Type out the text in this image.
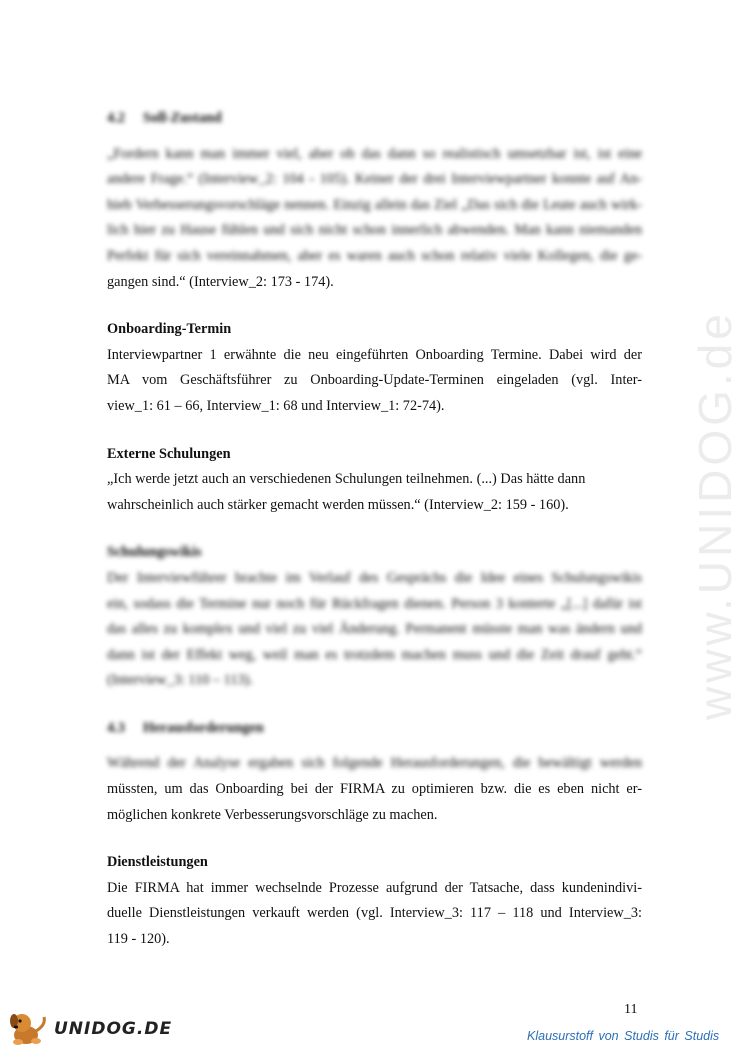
www.UNIDOG.de
4.2 Soll-Zustand
„Fordern kann man immer viel, aber ob das dann so realistisch umsetzbar ist, ist eine
andere Frage.“ (Interview_2: 104 - 105). Keiner der drei Interviewpartner konnte auf An-
hieb Verbesserungsvorschläge nennen. Einzig allein das Ziel „Das sich die Leute auch wirk-
lich hier zu Hause fühlen und sich nicht schon innerlich abwenden. Man kann niemanden
Perfekt für sich vereinnahmen, aber es waren auch schon relativ viele Kollegen, die ge-
gangen sind.“ (Interview_2: 173 - 174).
Onboarding-Termin
Interviewpartner 1 erwähnte die neu eingeführten Onboarding Termine. Dabei wird der
MA vom Geschäftsführer zu Onboarding-Update-Terminen eingeladen (vgl. Inter-
view_1: 61 – 66, Interview_1: 68 und Interview_1: 72-74).
Externe Schulungen
„Ich werde jetzt auch an verschiedenen Schulungen teilnehmen. (...) Das hätte dann
wahrscheinlich auch stärker gemacht werden müssen.“ (Interview_2: 159 - 160).
Schulungswikis
Der Interviewführer brachte im Verlauf des Gesprächs die Idee eines Schulungswikis
ein, sodass die Termine nur noch für Rückfragen dienen. Person 3 konterte „[...] dafür ist
das alles zu komplex und viel zu viel Änderung. Permanent müsste man was ändern und
dann ist der Effekt weg, weil man es trotzdem machen muss und die Zeit drauf geht.“
(Interview_3: 110 – 113).
4.3 Herausforderungen
Während der Analyse ergaben sich folgende Herausforderungen, die bewältigt werden
müssten, um das Onboarding bei der FIRMA zu optimieren bzw. die es eben nicht er-
möglichen konkrete Verbesserungsvorschläge zu machen.
Dienstleistungen
Die FIRMA hat immer wechselnde Prozesse aufgrund der Tatsache, dass kundenindivi-
duelle Dienstleistungen verkauft werden (vgl. Interview_3: 117 – 118 und Interview_3:
119 - 120).
11
UNIDOG.DE	Klausurstoff von Studis für Studis
